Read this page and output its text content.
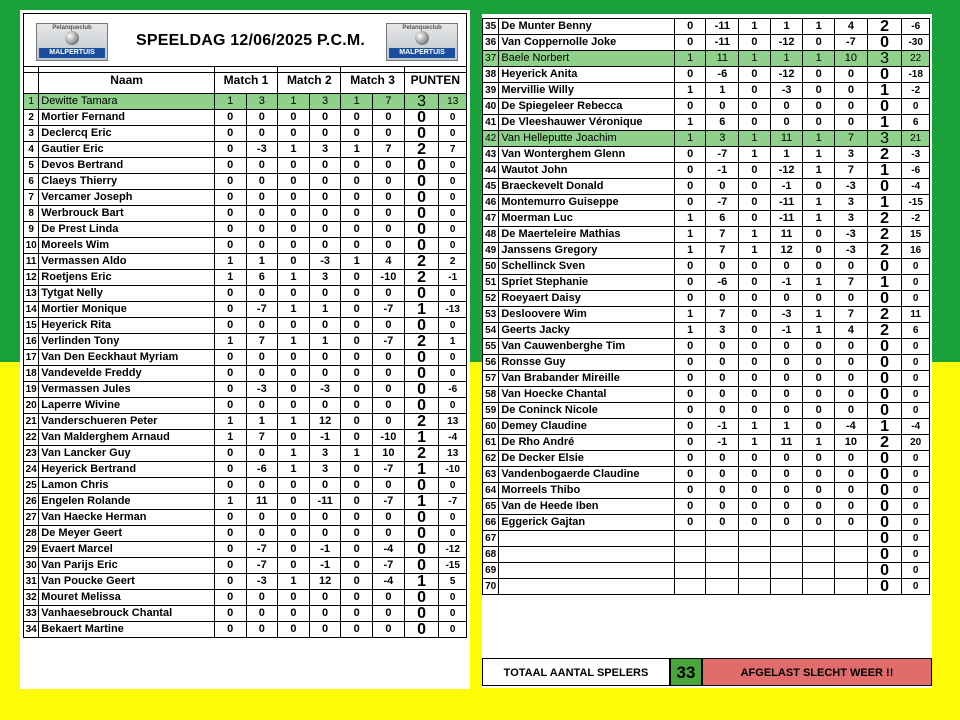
Petanqueclub
MALPERTUIS
SPEELDAG 12/06/2025 P.C.M.
Petanqueclub
MALPERTUIS
	Naam	Match 1		Match 2		Match 3		PUNTEN	
1	Dewitte Tamara	1	3	1	3	1	7	3	13
2	Mortier Fernand	0	0	0	0	0	0	0	0
3	Declercq Eric	0	0	0	0	0	0	0	0
4	Gautier Eric	0	-3	1	3	1	7	2	7
5	Devos Bertrand	0	0	0	0	0	0	0	0
6	Claeys Thierry	0	0	0	0	0	0	0	0
7	Vercamer Joseph	0	0	0	0	0	0	0	0
8	Werbrouck Bart	0	0	0	0	0	0	0	0
9	De Prest Linda	0	0	0	0	0	0	0	0
10	Moreels Wim	0	0	0	0	0	0	0	0
11	Vermassen Aldo	1	1	0	-3	1	4	2	2
12	Roetjens Eric	1	6	1	3	0	-10	2	-1
13	Tytgat Nelly	0	0	0	0	0	0	0	0
14	Mortier Monique	0	-7	1	1	0	-7	1	-13
15	Heyerick Rita	0	0	0	0	0	0	0	0
16	Verlinden Tony	1	7	1	1	0	-7	2	1
17	Van Den Eeckhaut Myriam	0	0	0	0	0	0	0	0
18	Vandevelde Freddy	0	0	0	0	0	0	0	0
19	Vermassen Jules	0	-3	0	-3	0	0	0	-6
20	Laperre Wivine	0	0	0	0	0	0	0	0
21	Vanderschueren Peter	1	1	1	12	0	0	2	13
22	Van Malderghem Arnaud	1	7	0	-1	0	-10	1	-4
23	Van Lancker Guy	0	0	1	3	1	10	2	13
24	Heyerick Bertrand	0	-6	1	3	0	-7	1	-10
25	Lamon Chris	0	0	0	0	0	0	0	0
26	Engelen Rolande	1	11	0	-11	0	-7	1	-7
27	Van Haecke Herman	0	0	0	0	0	0	0	0
28	De Meyer Geert	0	0	0	0	0	0	0	0
29	Evaert Marcel	0	-7	0	-1	0	-4	0	-12
30	Van Parijs Eric	0	-7	0	-1	0	-7	0	-15
31	Van Poucke Geert	0	-3	1	12	0	-4	1	5
32	Mouret Melissa	0	0	0	0	0	0	0	0
33	Vanhaesebrouck Chantal	0	0	0	0	0	0	0	0
34	Bekaert Martine	0	0	0	0	0	0	0	0
35	De Munter Benny	0	-11	1	1	1	4	2	-6
36	Van Coppernolle Joke	0	-11	0	-12	0	-7	0	-30
37	Baele Norbert	1	11	1	1	1	10	3	22
38	Heyerick Anita	0	-6	0	-12	0	0	0	-18
39	Mervillie Willy	1	1	0	-3	0	0	1	-2
40	De Spiegeleer Rebecca	0	0	0	0	0	0	0	0
41	De Vleeshauwer Véronique	1	6	0	0	0	0	1	6
42	Van Helleputte Joachim	1	3	1	11	1	7	3	21
43	Van Wonterghem Glenn	0	-7	1	1	1	3	2	-3
44	Wautot John	0	-1	0	-12	1	7	1	-6
45	Braeckevelt Donald	0	0	0	-1	0	-3	0	-4
46	Montemurro Guiseppe	0	-7	0	-11	1	3	1	-15
47	Moerman Luc	1	6	0	-11	1	3	2	-2
48	De Maerteleire Mathias	1	7	1	11	0	-3	2	15
49	Janssens Gregory	1	7	1	12	0	-3	2	16
50	Schellinck Sven	0	0	0	0	0	0	0	0
51	Spriet Stephanie	0	-6	0	-1	1	7	1	0
52	Roeyaert Daisy	0	0	0	0	0	0	0	0
53	Desloovere Wim	1	7	0	-3	1	7	2	11
54	Geerts Jacky	1	3	0	-1	1	4	2	6
55	Van Cauwenberghe Tim	0	0	0	0	0	0	0	0
56	Ronsse Guy	0	0	0	0	0	0	0	0
57	Van Brabander Mireille	0	0	0	0	0	0	0	0
58	Van Hoecke Chantal	0	0	0	0	0	0	0	0
59	De Coninck Nicole	0	0	0	0	0	0	0	0
60	Demey Claudine	0	-1	1	1	0	-4	1	-4
61	De Rho André	0	-1	1	11	1	10	2	20
62	De Decker Elsie	0	0	0	0	0	0	0	0
63	Vandenbogaerde Claudine	0	0	0	0	0	0	0	0
64	Morreels Thibo	0	0	0	0	0	0	0	0
65	Van de Heede Iben	0	0	0	0	0	0	0	0
66	Eggerick Gajtan	0	0	0	0	0	0	0	0
67								0	0
68								0	0
69								0	0
70								0	0
TOTAAL AANTAL SPELERS	33	AFGELAST SLECHT WEER !!
